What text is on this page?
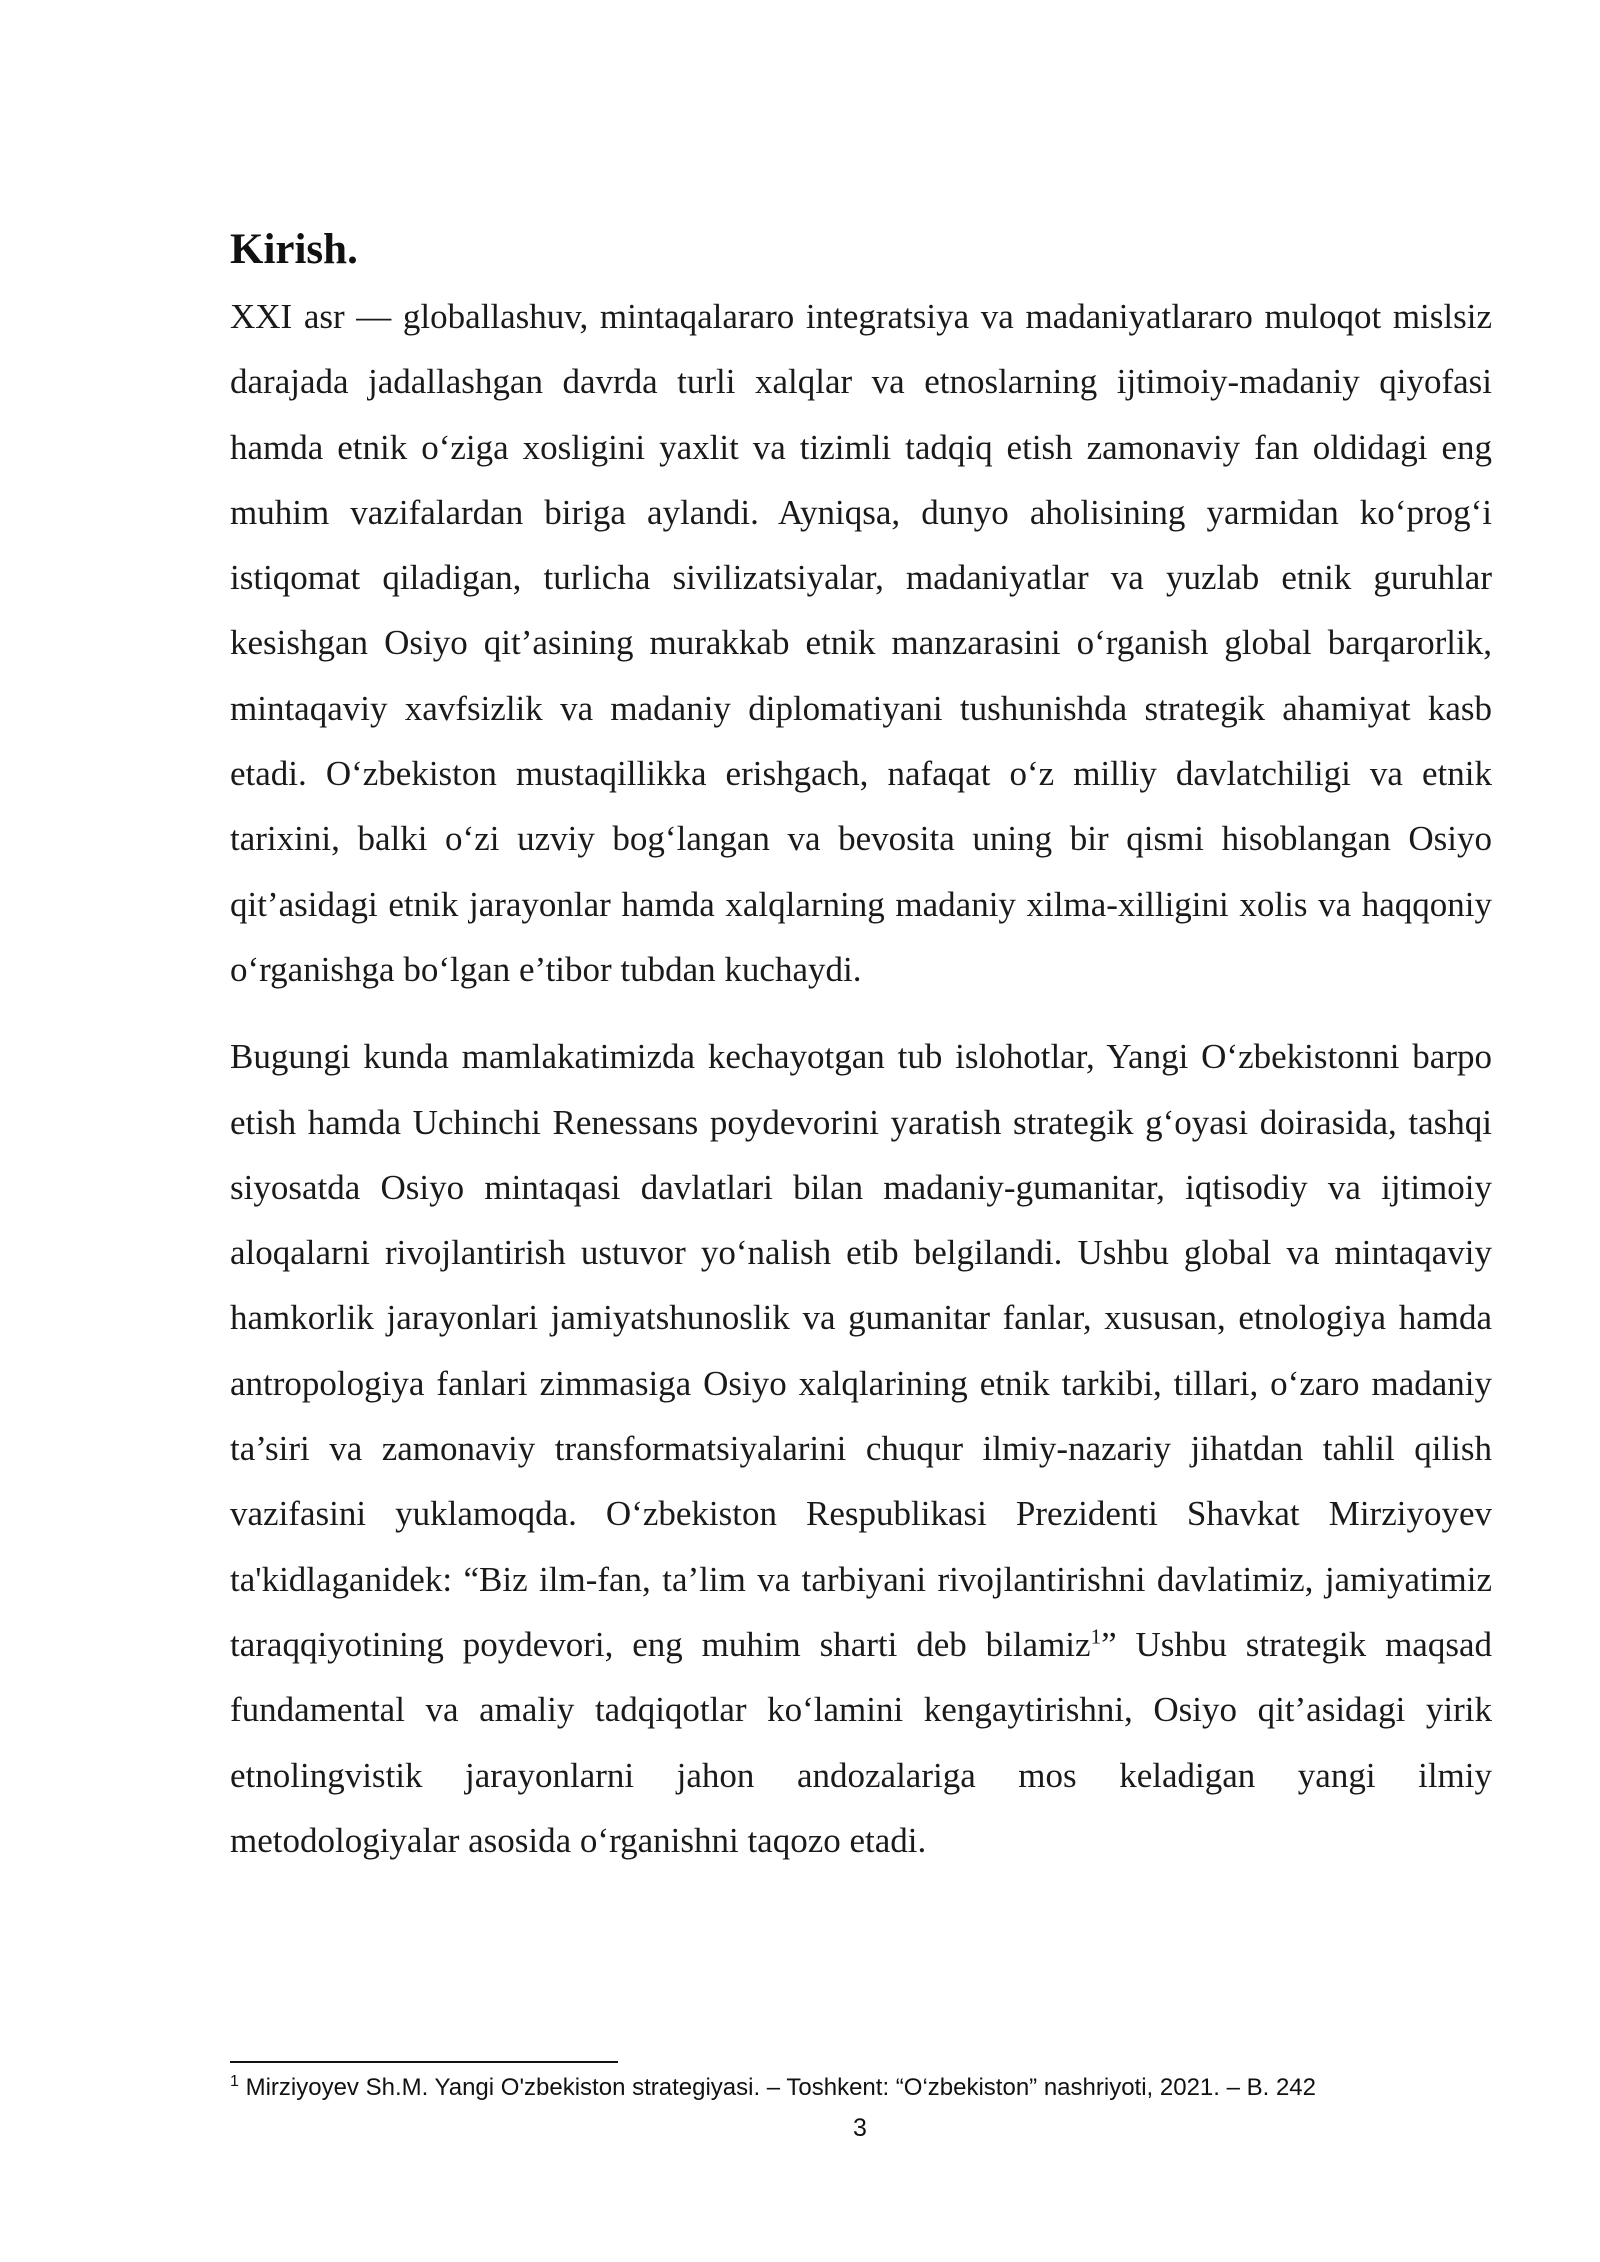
Kirish.

XXI asr — globallashuv, mintaqalararo integratsiya va madaniyatlararo muloqot mislsiz darajada jadallashgan davrda turli xalqlar va etnoslarning ijtimoiy-madaniy qiyofasi hamda etnik oʻziga xosligini yaxlit va tizimli tadqiq etish zamonaviy fan oldidagi eng muhim vazifalardan biriga aylandi. Ayniqsa, dunyo aholisining yarmidan koʻprogʻi istiqomat qiladigan, turlicha sivilizatsiyalar, madaniyatlar va yuzlab etnik guruhlar kesishgan Osiyo qit’asining murakkab etnik manzarasini oʻrganish global barqarorlik, mintaqaviy xavfsizlik va madaniy diplomatiyani tushunishda strategik ahamiyat kasb etadi. Oʻzbekiston mustaqillikka erishgach, nafaqat oʻz milliy davlatchiligi va etnik tarixini, balki oʻzi uzviy bogʻlangan va bevosita uning bir qismi hisoblangan Osiyo qit’asidagi etnik jarayonlar hamda xalqlarning madaniy xilma-xilligini xolis va haqqoniy oʻrganishga boʻlgan e’tibor tubdan kuchaydi.

Bugungi kunda mamlakatimizda kechayotgan tub islohotlar, Yangi Oʻzbekistonni barpo etish hamda Uchinchi Renessans poydevorini yaratish strategik gʻoyasi doirasida, tashqi siyosatda Osiyo mintaqasi davlatlari bilan madaniy-gumanitar, iqtisodiy va ijtimoiy aloqalarni rivojlantirish ustuvor yoʻnalish etib belgilandi. Ushbu global va mintaqaviy hamkorlik jarayonlari jamiyatshunoslik va gumanitar fanlar, xususan, etnologiya hamda antropologiya fanlari zimmasiga Osiyo xalqlarining etnik tarkibi, tillari, oʻzaro madaniy ta’siri va zamonaviy transformatsiyalarini chuqur ilmiy-nazariy jihatdan tahlil qilish vazifasini yuklamoqda. Oʻzbekiston Respublikasi Prezidenti Shavkat Mirziyoyev ta'kidlaganidek: “Biz ilm-fan, ta’lim va tarbiyani rivojlantirishni davlatimiz, jamiyatimiz taraqqiyotining poydevori, eng muhim sharti deb bilamiz$^1$” Ushbu strategik maqsad fundamental va amaliy tadqiqotlar koʻlamini kengaytirishni, Osiyo qit’asidagi yirik etnolingvistik jarayonlarni jahon andozalariga mos keladigan yangi ilmiy metodologiyalar asosida oʻrganishni taqozo etadi.

$^1$ Mirziyoyev Sh.M. Yangi O'zbekiston strategiyasi. – Toshkent: “O‘zbekiston” nashriyoti, 2021. – B. 242
3
